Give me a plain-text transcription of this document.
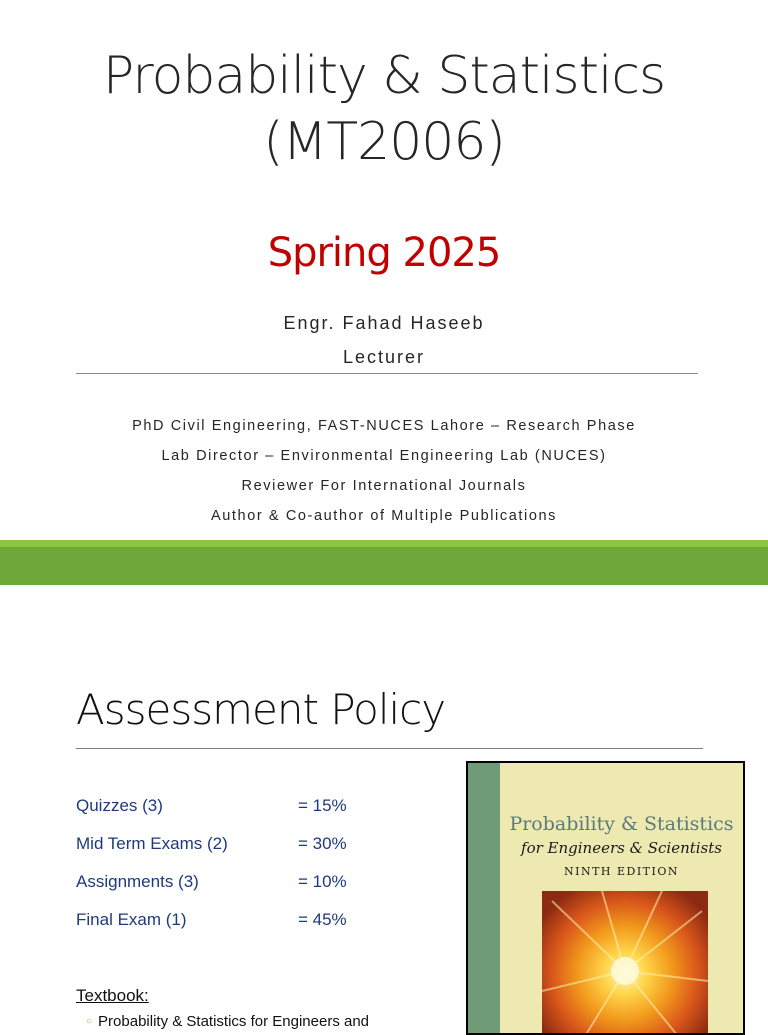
Probability & Statistics
(MT2006)
Spring 2025
Engr. Fahad Haseeb
Lecturer
PhD Civil Engineering, FAST-NUCES Lahore – Research Phase
Lab Director – Environmental Engineering Lab (NUCES)
Reviewer For International Journals
Author & Co-author of Multiple Publications
Assessment Policy
Quizzes (3)	= 15%
Mid Term Exams (2)	= 30%
Assignments (3)	= 10%
Final Exam (1)	= 45%
Textbook:
○ Probability & Statistics for Engineers and
Probability & Statistics
for Engineers & Scientists
NINTH EDITION
